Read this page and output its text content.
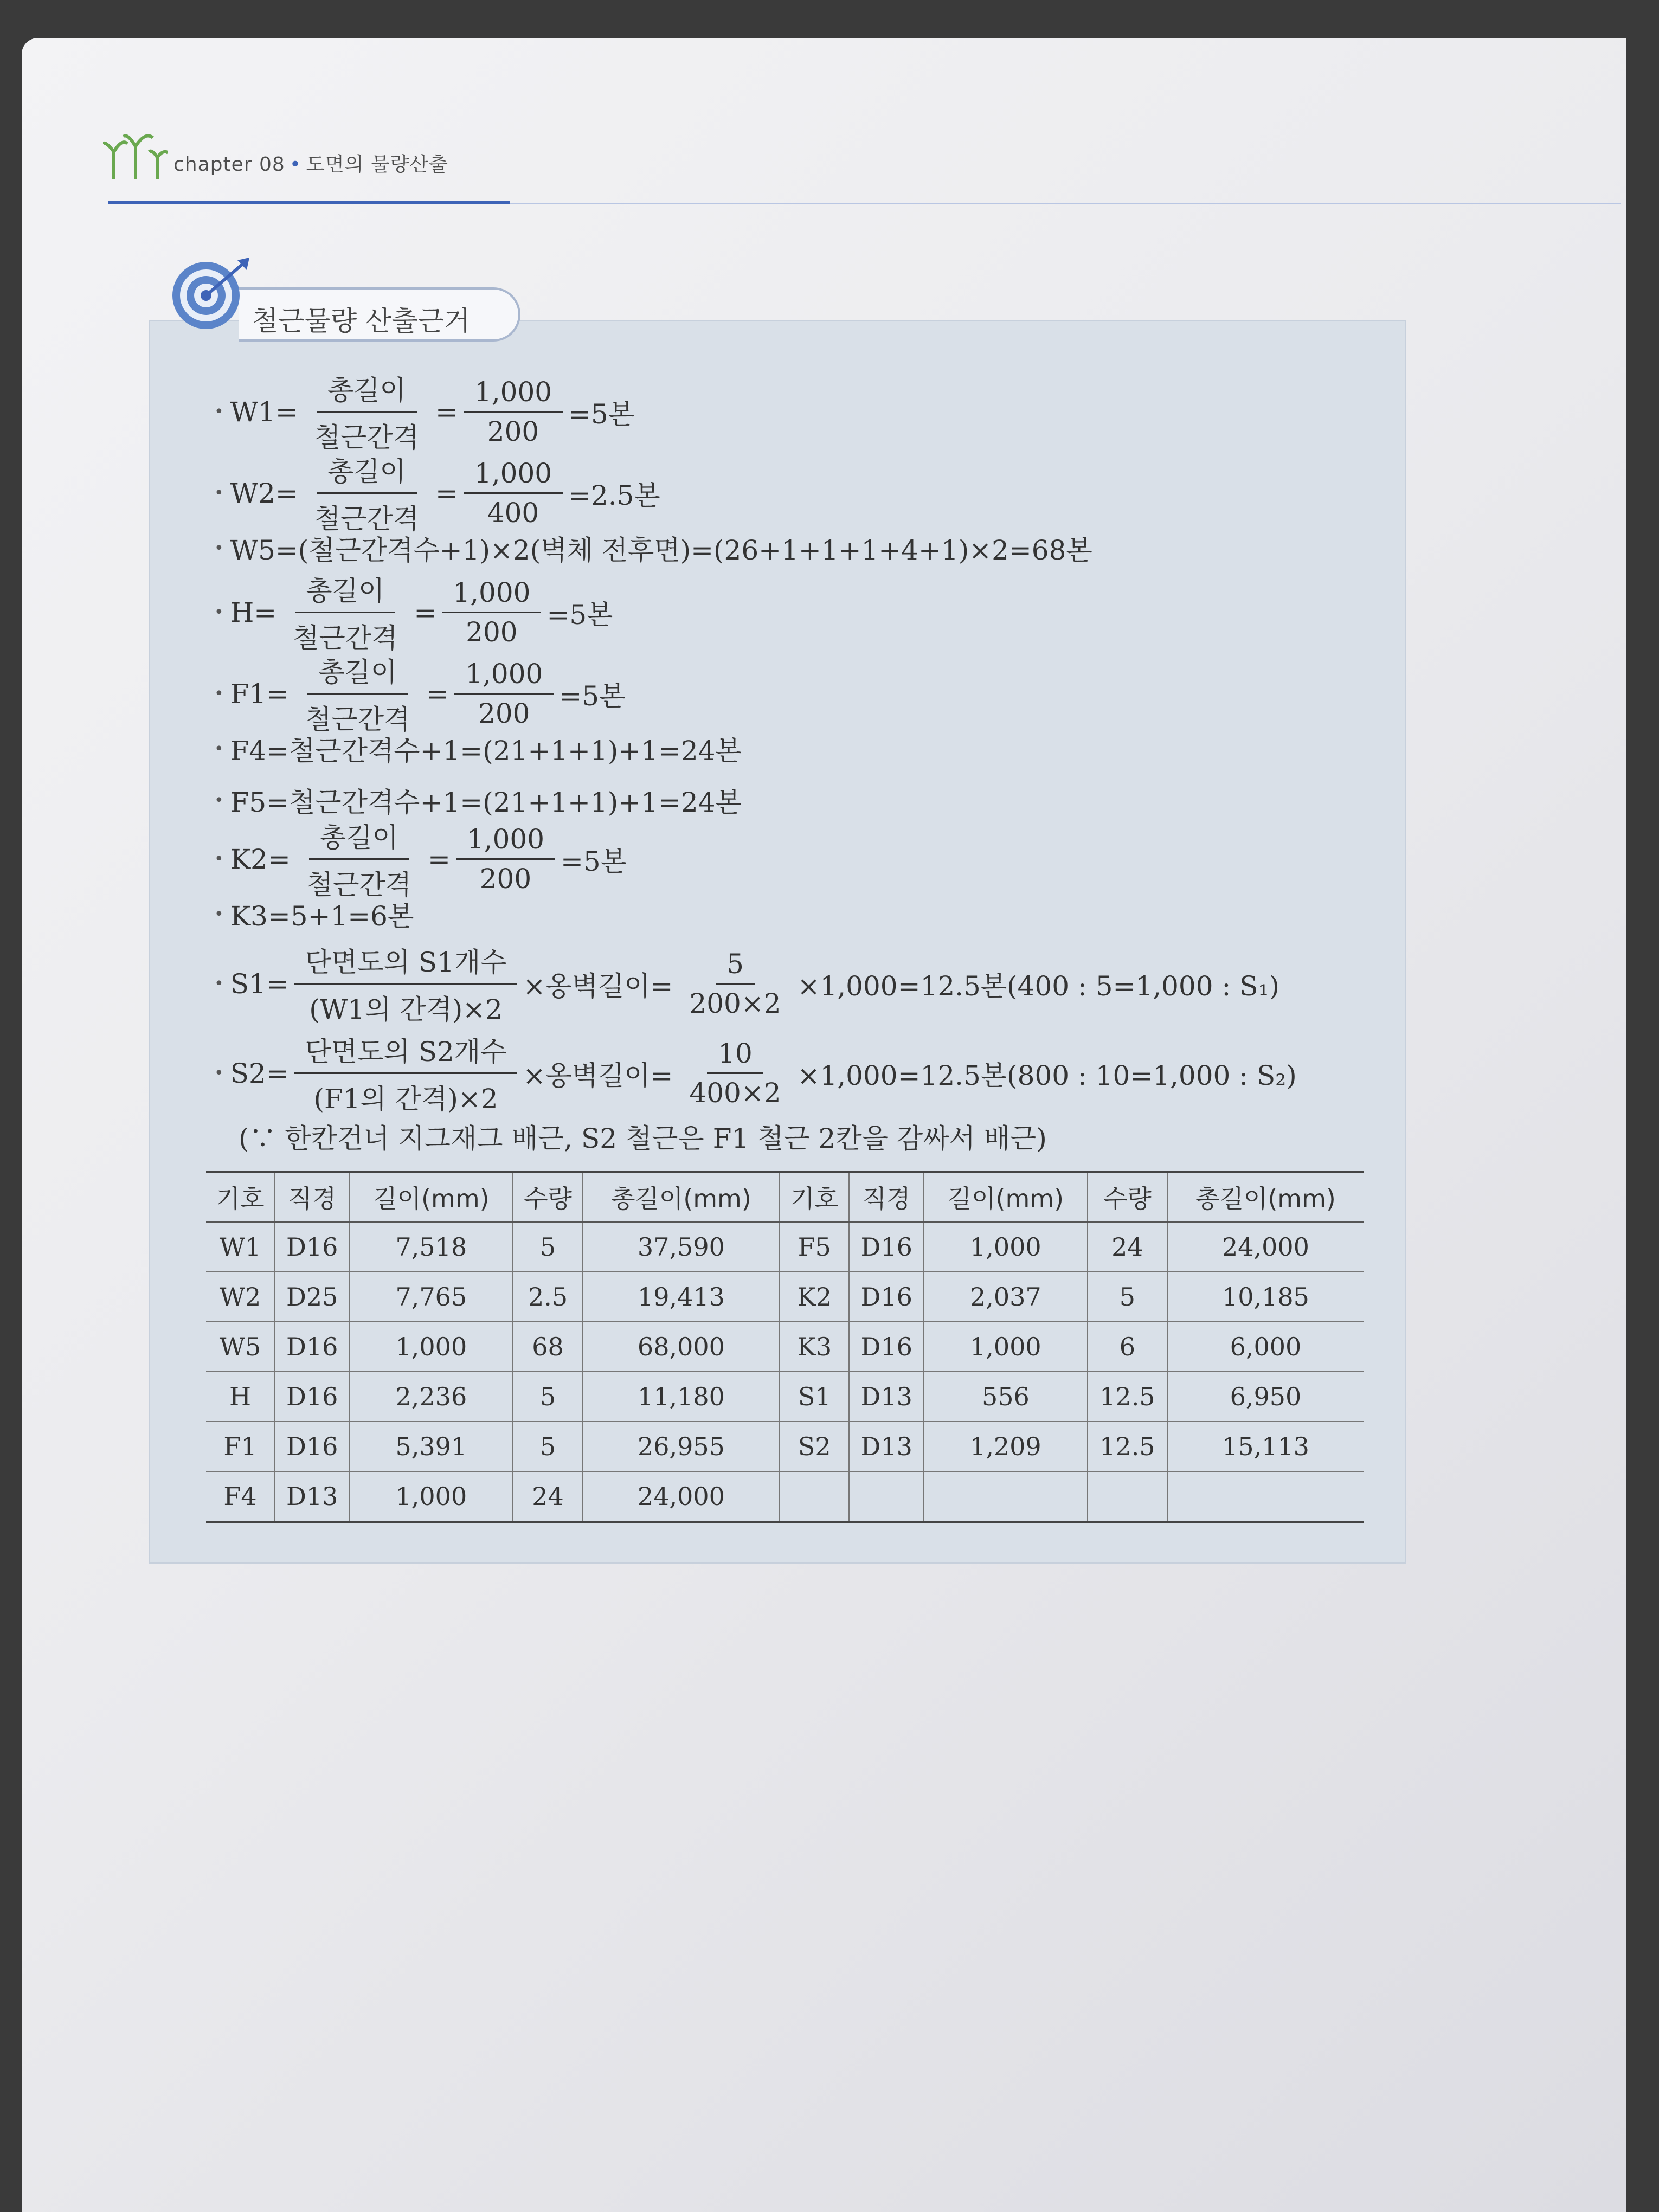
chapter 08 • 도면의 물량산출
철근물량 산출근거
• $W1= \frac{\text{총길이}}{\text{철근간격}} = \frac{1,000}{200} =5$본
• $W2= \frac{\text{총길이}}{\text{철근간격}} = \frac{1,000}{400} =2.5$본
• W5=(철근간격수+1)×2(벽체 전후면)=(26+1+1+1+4+1)×2=68본
• $H= \frac{\text{총길이}}{\text{철근간격}} = \frac{1,000}{200} =5$본
• $F1= \frac{\text{총길이}}{\text{철근간격}} = \frac{1,000}{200} =5$본
• F4=철근간격수+1=(21+1+1)+1=24본
• F5=철근간격수+1=(21+1+1)+1=24본
• $K2= \frac{\text{총길이}}{\text{철근간격}} = \frac{1,000}{200} =5$본
• K3=5+1=6본
• $S1= \frac{\text{단면도의 S1개수}}{\text{(W1의 간격)×2}}$ ×옹벽길이= $\frac{5}{200\times 2} \times 1,000=12.5$본(400 : 5=1,000 : S₁)
• $S2= \frac{\text{단면도의 S2개수}}{\text{(F1의 간격)×2}}$ ×옹벽길이= $\frac{10}{400\times 2} \times 1,000=12.5$본(800 : 10=1,000 : S₂)
(∵ 한칸건너 지그재그 배근, S2 철근은 F1 철근 2칸을 감싸서 배근)
기호	직경	길이(mm)	수량	총길이(mm)	기호	직경	길이(mm)	수량	총길이(mm)
W1	D16	7,518	5	37,590	F5	D16	1,000	24	24,000
W2	D25	7,765	2.5	19,413	K2	D16	2,037	5	10,185
W5	D16	1,000	68	68,000	K3	D16	1,000	6	6,000
H	D16	2,236	5	11,180	S1	D13	556	12.5	6,950
F1	D16	5,391	5	26,955	S2	D13	1,209	12.5	15,113
F4	D13	1,000	24	24,000					
